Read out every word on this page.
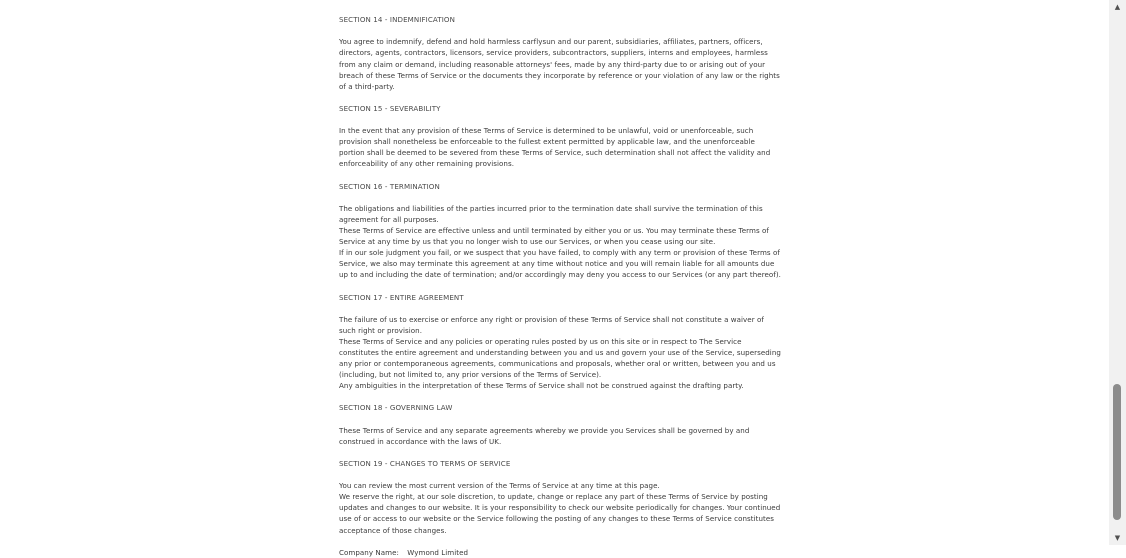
SECTION 14 - INDEMNIFICATION

You agree to indemnify, defend and hold harmless carflysun and our parent, subsidiaries, affiliates, partners, officers, directors, agents, contractors, licensors, service providers, subcontractors, suppliers, interns and employees, harmless from any claim or demand, including reasonable attorneys' fees, made by any third-party due to or arising out of your breach of these Terms of Service or the documents they incorporate by reference or your violation of any law or the rights of a third-party.

SECTION 15 - SEVERABILITY

In the event that any provision of these Terms of Service is determined to be unlawful, void or unenforceable, such provision shall nonetheless be enforceable to the fullest extent permitted by applicable law, and the unenforceable portion shall be deemed to be severed from these Terms of Service, such determination shall not affect the validity and enforceability of any other remaining provisions.

SECTION 16 - TERMINATION

The obligations and liabilities of the parties incurred prior to the termination date shall survive the termination of this agreement for all purposes.

These Terms of Service are effective unless and until terminated by either you or us. You may terminate these Terms of Service at any time by us that you no longer wish to use our Services, or when you cease using our site.

If in our sole judgment you fail, or we suspect that you have failed, to comply with any term or provision of these Terms of Service, we also may terminate this agreement at any time without notice and you will remain liable for all amounts due up to and including the date of termination; and/or accordingly may deny you access to our Services (or any part thereof).

SECTION 17 - ENTIRE AGREEMENT

The failure of us to exercise or enforce any right or provision of these Terms of Service shall not constitute a waiver of such right or provision.

These Terms of Service and any policies or operating rules posted by us on this site or in respect to The Service constitutes the entire agreement and understanding between you and us and govern your use of the Service, superseding any prior or contemporaneous agreements, communications and proposals, whether oral or written, between you and us (including, but not limited to, any prior versions of the Terms of Service).

Any ambiguities in the interpretation of these Terms of Service shall not be construed against the drafting party.

SECTION 18 - GOVERNING LAW

These Terms of Service and any separate agreements whereby we provide you Services shall be governed by and construed in accordance with the laws of UK.

SECTION 19 - CHANGES TO TERMS OF SERVICE

You can review the most current version of the Terms of Service at any time at this page.

We reserve the right, at our sole discretion, to update, change or replace any part of these Terms of Service by posting updates and changes to our website. It is your responsibility to check our website periodically for changes. Your continued use of or access to our website or the Service following the posting of any changes to these Terms of Service constitutes acceptance of those changes.

Company Name: Wymond Limited
▲
▼
